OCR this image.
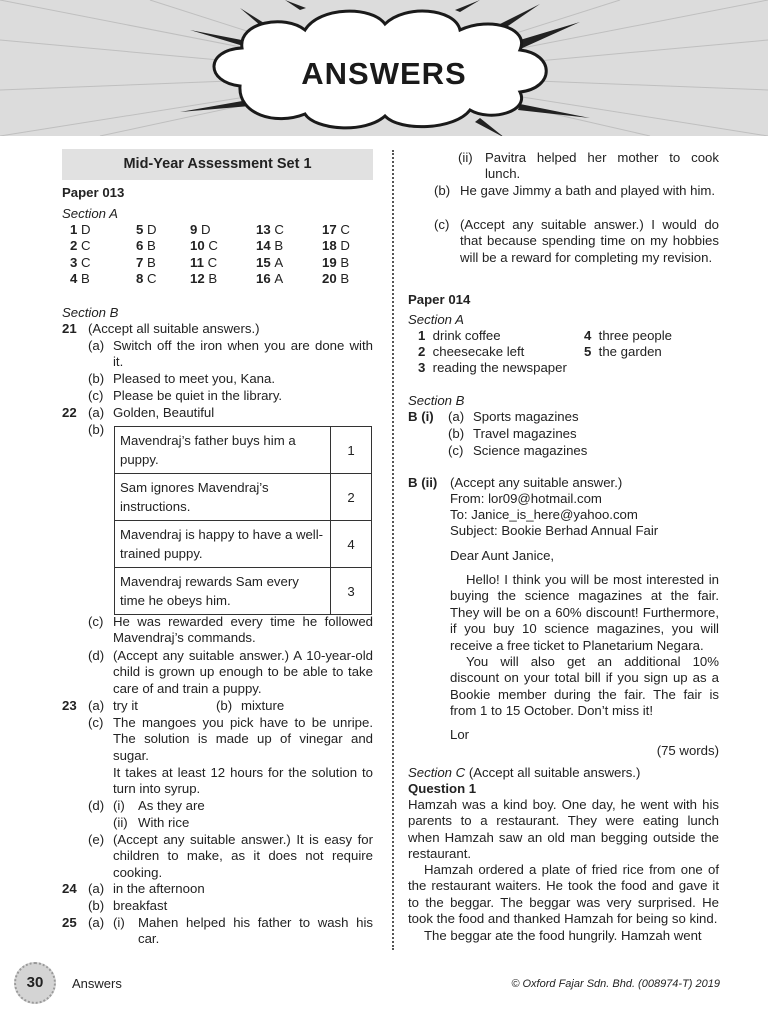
ANSWERS
Mid-Year Assessment Set 1
Paper 013
Section A
1 D
2 C
3 C
4 B
5 D
6 B
7 B
8 C
9 D
10 C
11 C
12 B
13 C
14 B
15 A
16 A
17 C
18 D
19 B
20 B
Section B
21 (Accept all suitable answers.)
(a) Switch off the iron when you are done with it.
(b) Pleased to meet you, Kana.
(c) Please be quiet in the library.
22 (a) Golden, Beautiful
(b)
Mavendraj’s father buys him a puppy.	1
Sam ignores Mavendraj’s instructions.	2
Mavendraj is happy to have a well-trained puppy.	4
Mavendraj rewards Sam every time he obeys him.	3
(c) He was rewarded every time he followed Mavendraj’s commands.
(d) (Accept any suitable answer.) A 10-year-old child is grown up enough to be able to take care of and train a puppy.
23 (a) try it	(b) mixture
(c) The mangoes you pick have to be unripe. The solution is made up of vinegar and sugar.
It takes at least 12 hours for the solution to turn into syrup.
(d) (i) As they are
(ii) With rice
(e) (Accept any suitable answer.) It is easy for children to make, as it does not require cooking.
24 (a) in the afternoon
(b) breakfast
25 (a) (i) Mahen helped his father to wash his car.
(ii) Pavitra helped her mother to cook lunch.
(b) He gave Jimmy a bath and played with him.
(c) (Accept any suitable answer.) I would do that because spending time on my hobbies will be a reward for completing my revision.
Paper 014
Section A
1 drink coffee
2 cheesecake left
3 reading the newspaper
4 three people
5 the garden
Section B
B (i) (a) Sports magazines
(b) Travel magazines
(c) Science magazines
B (ii) (Accept any suitable answer.)
From: lor09@hotmail.com
To: Janice_is_here@yahoo.com
Subject: Bookie Berhad Annual Fair
Dear Aunt Janice,
Hello! I think you will be most interested in buying the science magazines at the fair. They will be on a 60% discount! Furthermore, if you buy 10 science magazines, you will receive a free ticket to Planetarium Negara.
You will also get an additional 10% discount on your total bill if you sign up as a Bookie member during the fair. The fair is from 1 to 15 October. Don’t miss it!
Lor
(75 words)
Section C (Accept all suitable answers.)
Question 1
Hamzah was a kind boy. One day, he went with his parents to a restaurant. They were eating lunch when Hamzah saw an old man begging outside the restaurant.
Hamzah ordered a plate of fried rice from one of the restaurant waiters. He took the food and gave it to the beggar. The beggar was very surprised. He took the food and thanked Hamzah for being so kind.
The beggar ate the food hungrily. Hamzah went
30	Answers	© Oxford Fajar Sdn. Bhd. (008974-T) 2019
